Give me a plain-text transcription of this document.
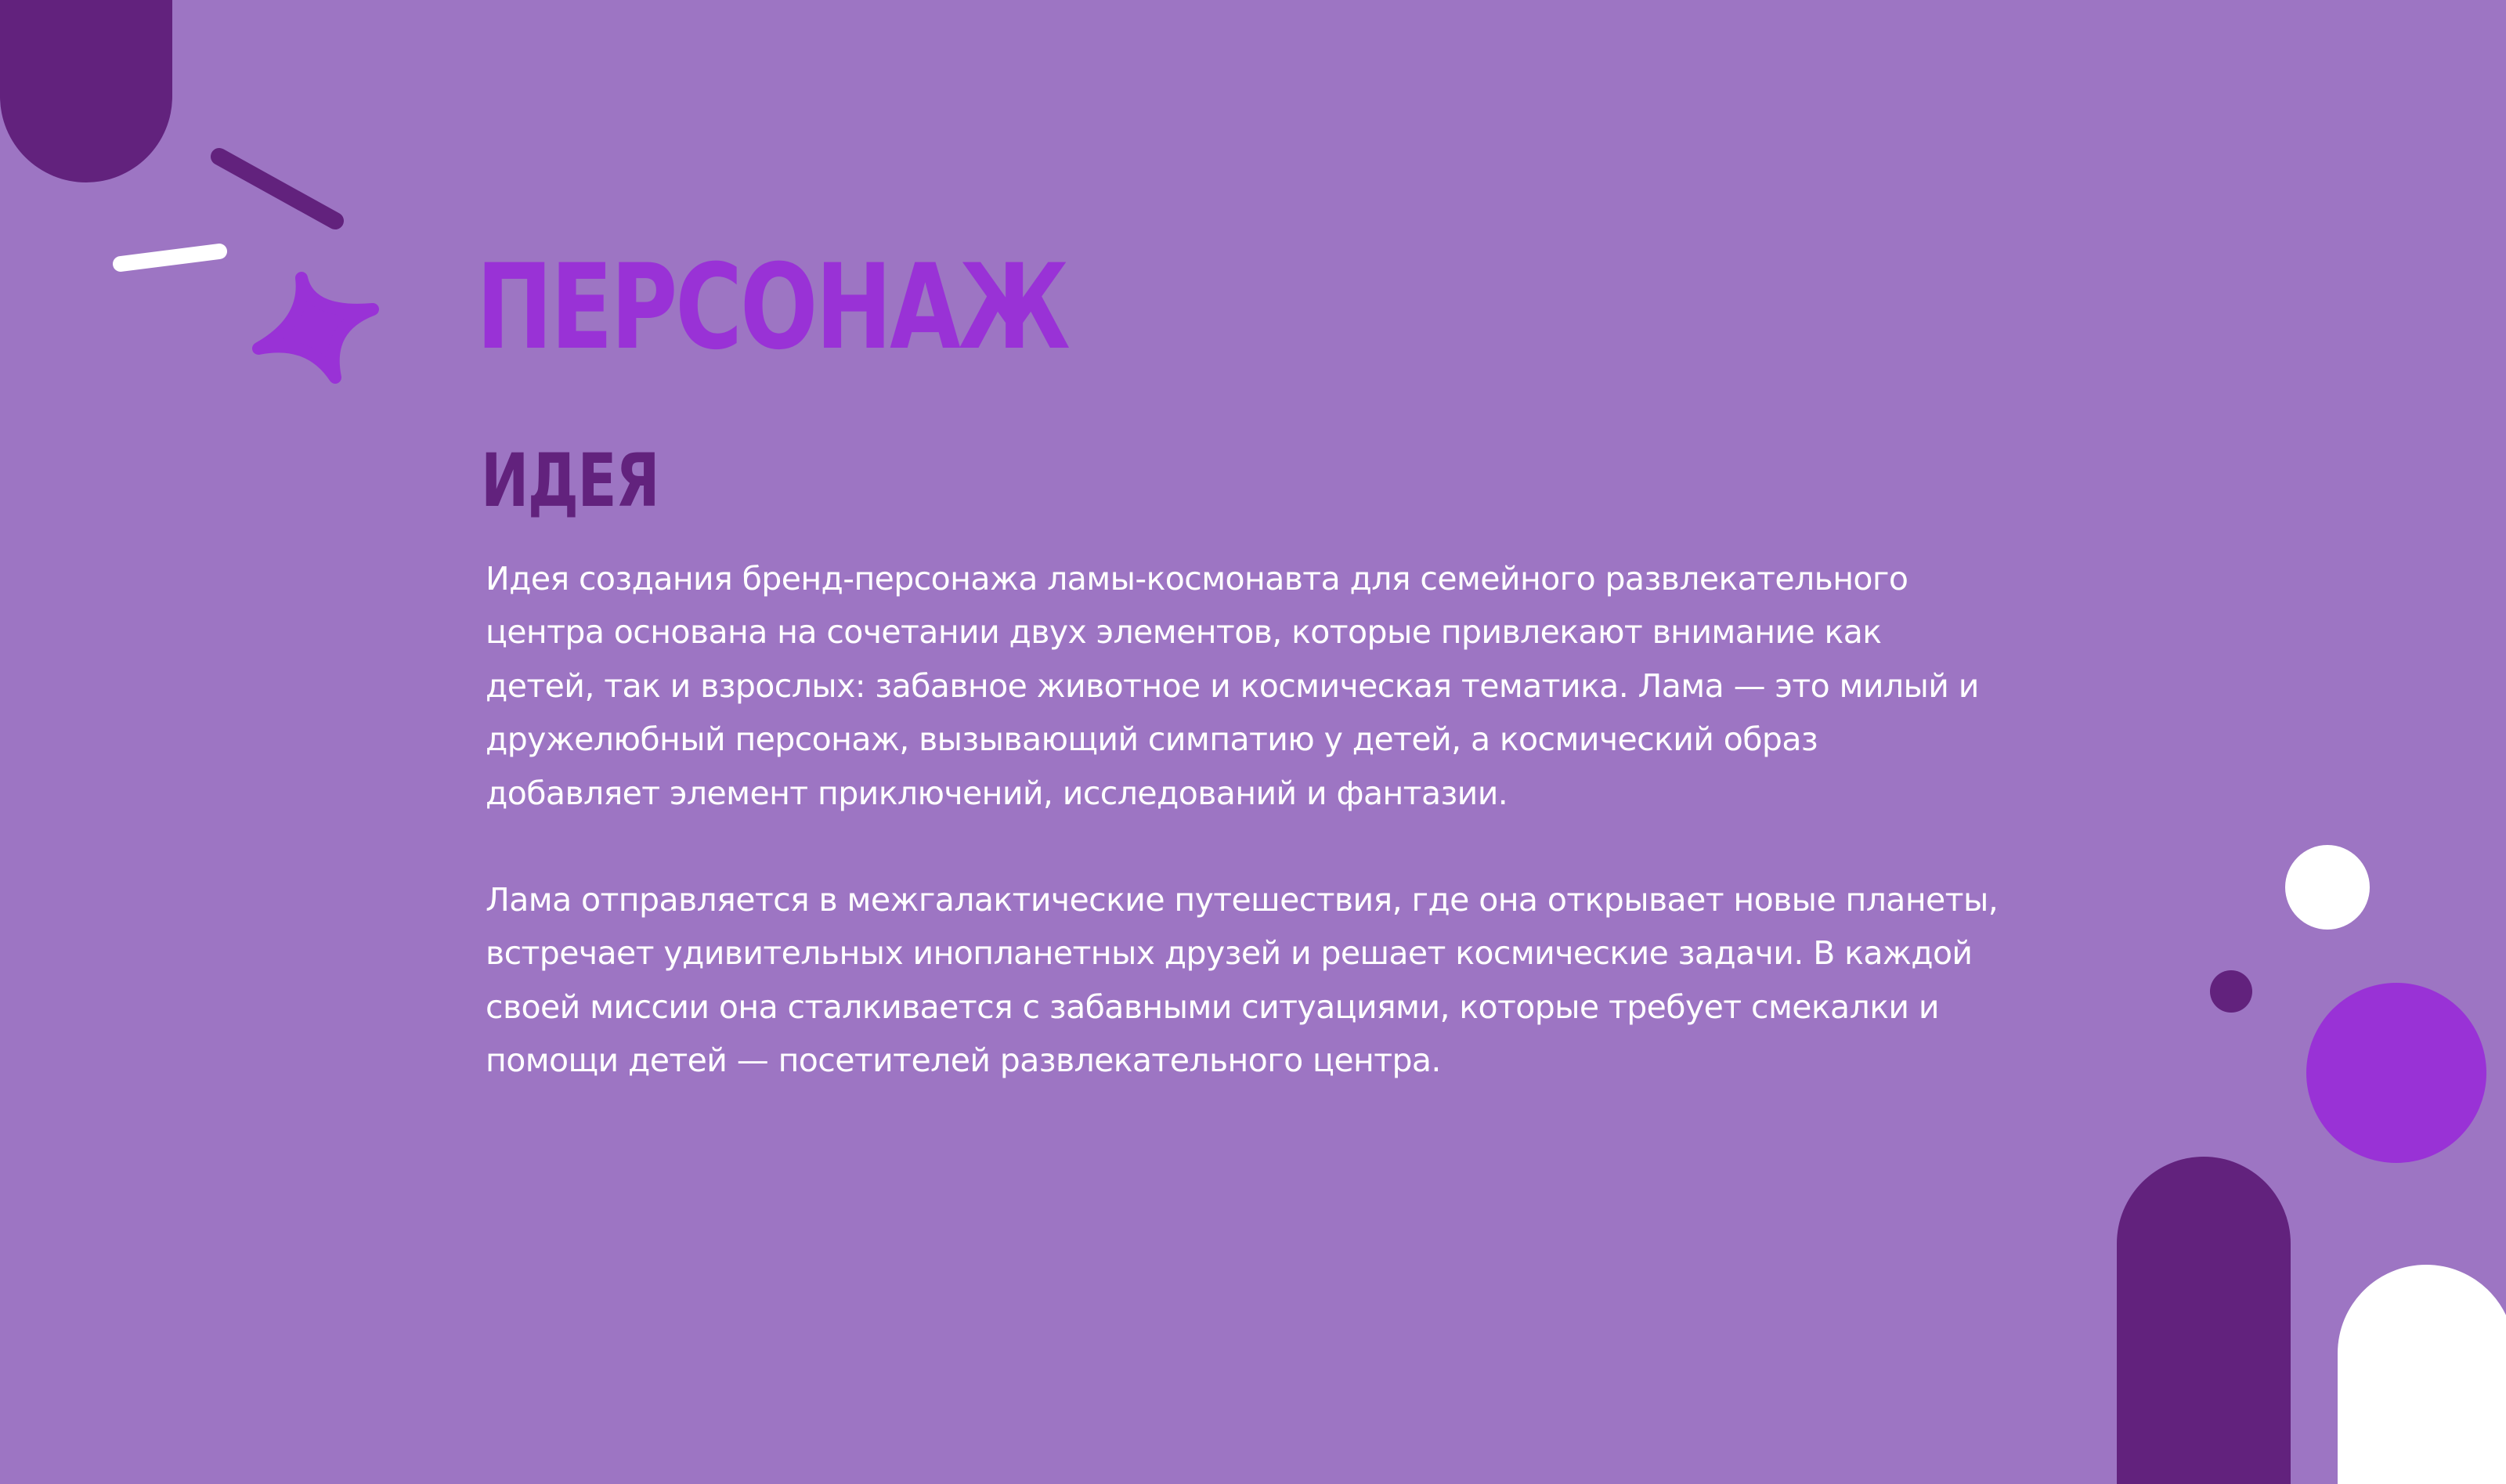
ПЕРСОНАЖ
ИДЕЯ

Идея создания бренд-персонажа ламы-космонавта для семейного развлекательного
центра основана на сочетании двух элементов, которые привлекают внимание как
детей, так и взрослых: забавное животное и космическая тематика. Лама — это милый и
дружелюбный персонаж, вызывающий симпатию у детей, а космический образ
добавляет элемент приключений, исследований и фантазии.

Лама отправляется в межгалактические путешествия, где она открывает новые планеты,
встречает удивительных инопланетных друзей и решает космические задачи. В каждой
своей миссии она сталкивается с забавными ситуациями, которые требует смекалки и
помощи детей — посетителей развлекательного центра.
